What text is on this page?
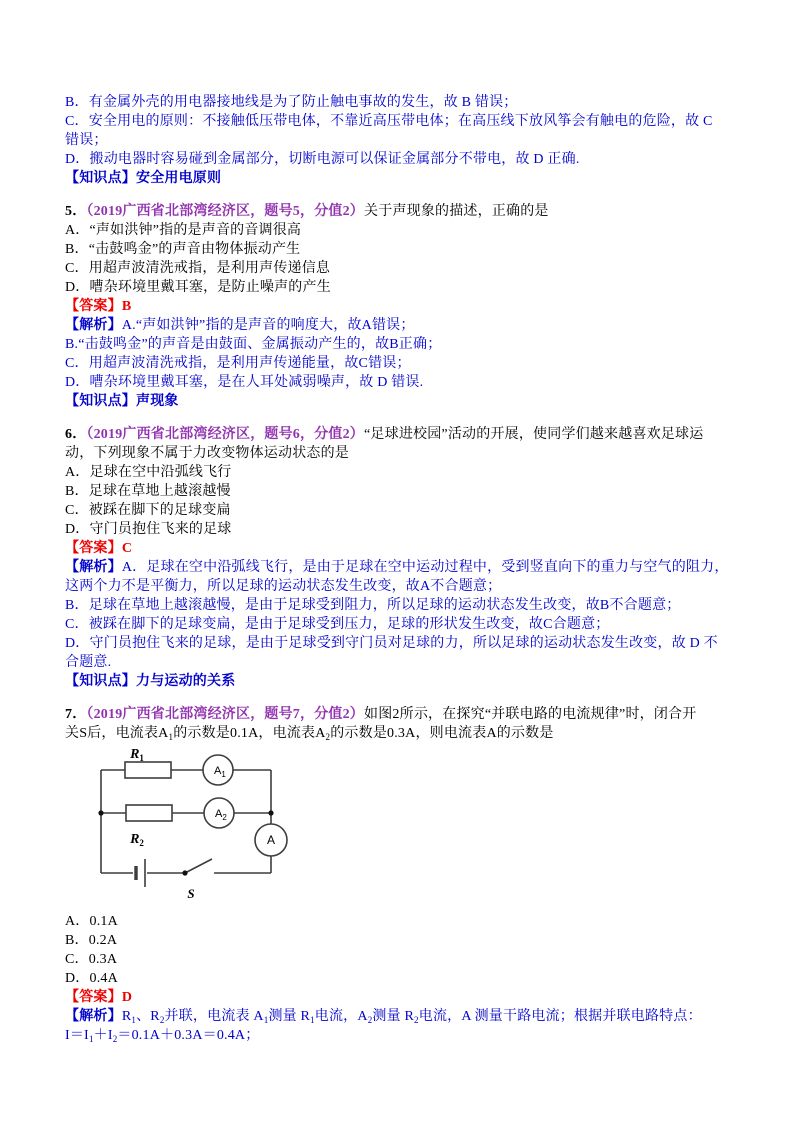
B．有金属外壳的用电器接地线是为了防止触电事故的发生，故 B 错误；
C．安全用电的原则：不接触低压带电体，不靠近高压带电体；在高压线下放风筝会有触电的危险，故 C
错误；
D．搬动电器时容易碰到金属部分，切断电源可以保证金属部分不带电，故 D 正确.
【知识点】安全用电原则
5．（2019广西省北部湾经济区，题号5，分值2）关于声现象的描述，正确的是
A．“声如洪钟”指的是声音的音调很高
B．“击鼓鸣金”的声音由物体振动产生
C．用超声波清洗戒指，是利用声传递信息
D．嘈杂环境里戴耳塞，是防止噪声的产生
【答案】B
【解析】A.“声如洪钟”指的是声音的响度大，故A错误；
B.“击鼓鸣金”的声音是由鼓面、金属振动产生的，故B正确；
C．用超声波清洗戒指，是利用声传递能量，故C错误；
D．嘈杂环境里戴耳塞，是在人耳处减弱噪声，故 D 错误.
【知识点】声现象
6．（2019广西省北部湾经济区，题号6，分值2）“足球进校园”活动的开展，使同学们越来越喜欢足球运
动，下列现象不属于力改变物体运动状态的是
A．足球在空中沿弧线飞行
B．足球在草地上越滚越慢
C．被踩在脚下的足球变扁
D．守门员抱住飞来的足球
【答案】C
【解析】A．足球在空中沿弧线飞行，是由于足球在空中运动过程中，受到竖直向下的重力与空气的阻力，
这两个力不是平衡力，所以足球的运动状态发生改变，故A不合题意；
B．足球在草地上越滚越慢，是由于足球受到阻力，所以足球的运动状态发生改变，故B不合题意；
C．被踩在脚下的足球变扁，是由于足球受到压力，足球的形状发生改变，故C合题意；
D．守门员抱住飞来的足球，是由于足球受到守门员对足球的力，所以足球的运动状态发生改变，故 D 不
合题意.
【知识点】力与运动的关系
7．（2019广西省北部湾经济区，题号7，分值2）如图2所示，在探究“并联电路的电流规律”时，闭合开
关S后，电流表$A_1$的示数是0.1A，电流表$A_2$的示数是0.3A，则电流表A的示数是
$R_1$
$R_2$
$A_1$
$A_2$
A
S
A．0.1A
B．0.2A
C．0.3A
D．0.4A
【答案】D
【解析】$R_1$、$R_2$并联，电流表 $A_1$测量 $R_1$电流，$A_2$测量 $R_2$电流，A 测量干路电流；根据并联电路特点：
$I=I_1+I_2=0.1A+0.3A=0.4A$；
